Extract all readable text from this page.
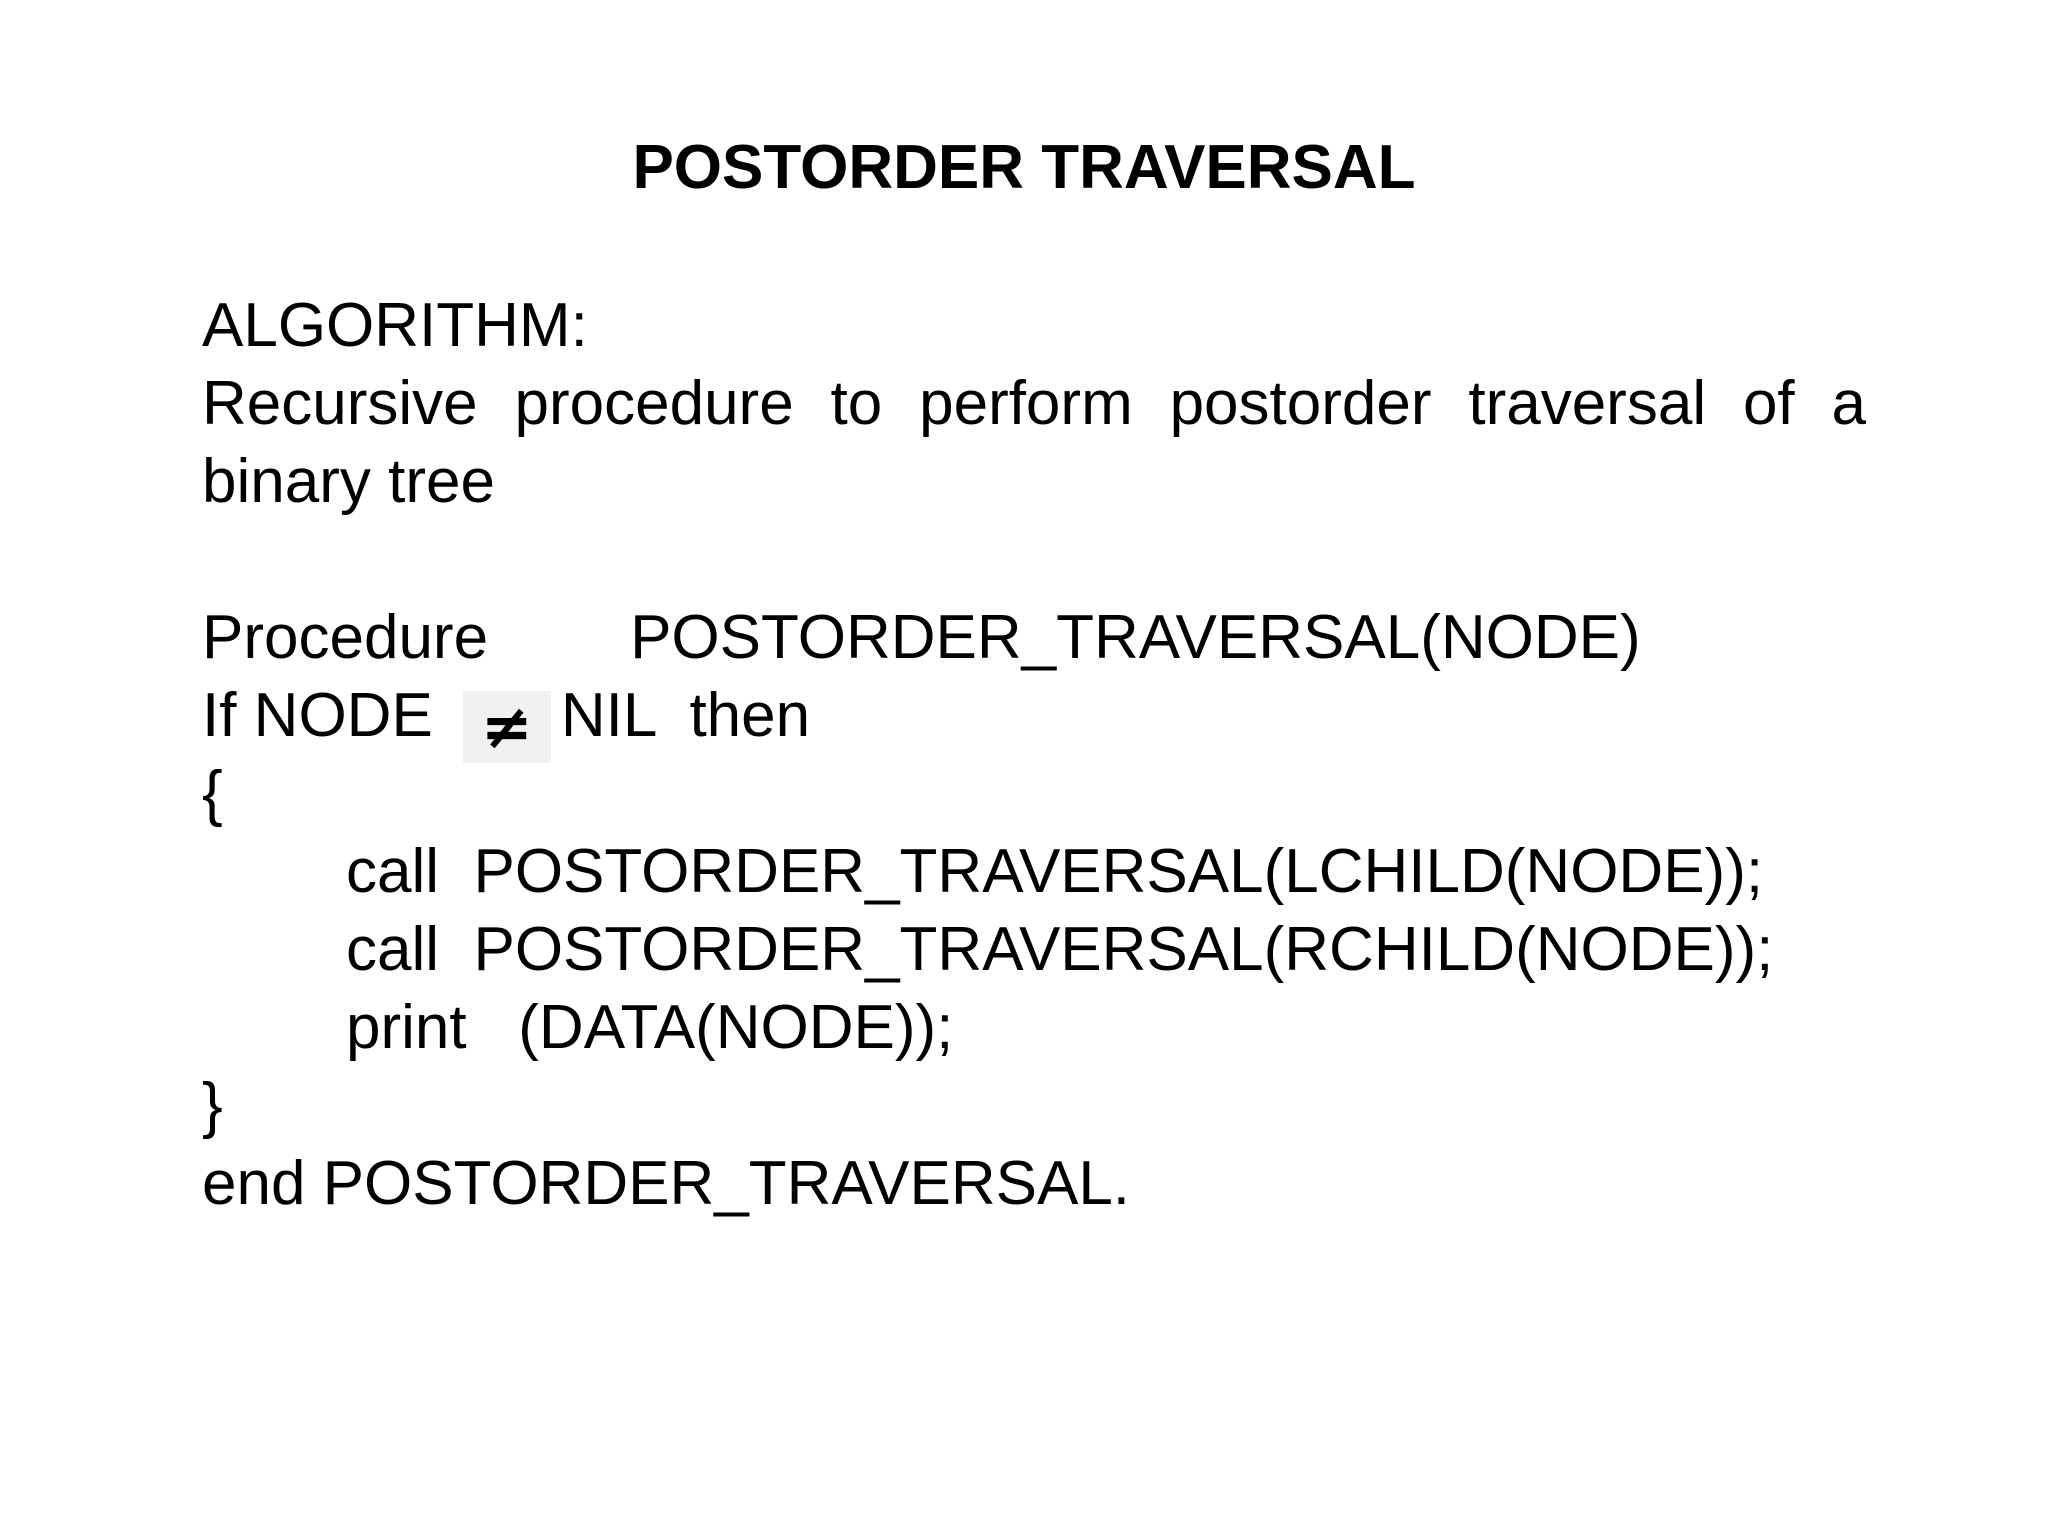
POSTORDER TRAVERSAL
ALGORITHM:
Recursive procedure to perform postorder traversal of a
binary tree
Procedure POSTORDER_TRAVERSAL(NODE)
If NODE ≠ NIL  then
{
call  POSTORDER_TRAVERSAL(LCHILD(NODE));
call  POSTORDER_TRAVERSAL(RCHILD(NODE));
print   (DATA(NODE));
}
end POSTORDER_TRAVERSAL.
